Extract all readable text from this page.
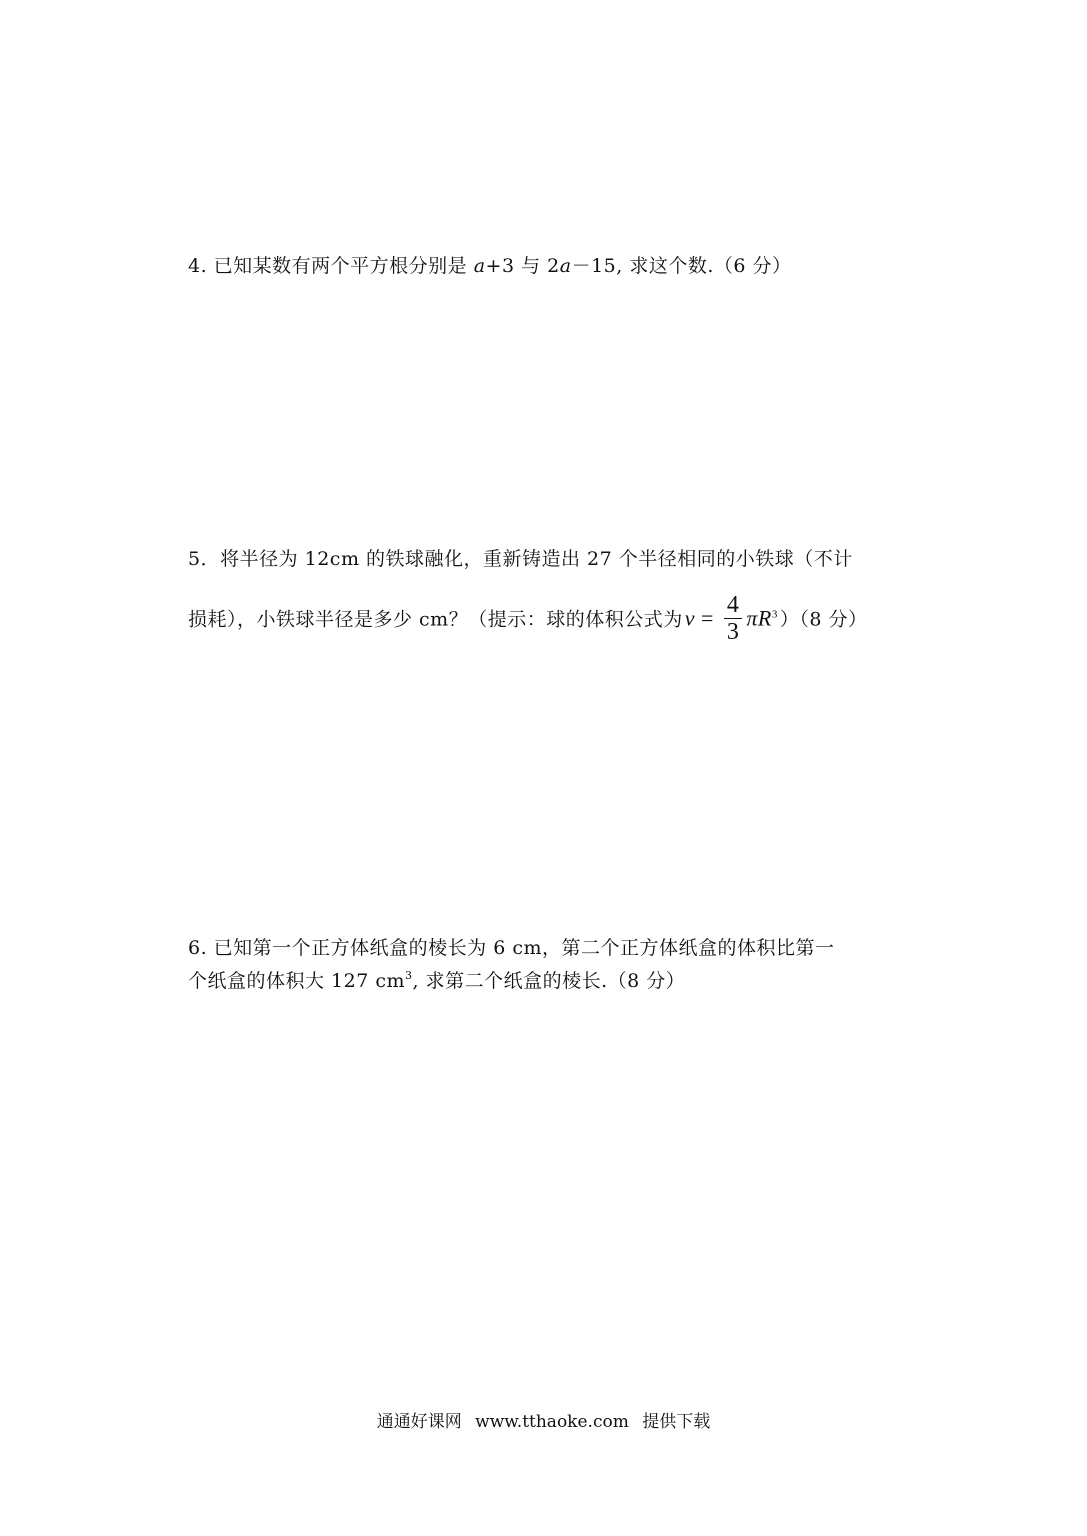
4. 已知某数有两个平方根分别是 a+3 与 2a－15, 求这个数.（6 分）
5．将半径为 12cm 的铁球融化，重新铸造出 27 个半径相同的小铁球（不计
损耗），小铁球半径是多少 cm？（提示：球的体积公式为$v = \frac{4}{3} \pi R^3$ ）（8 分）
6. 已知第一个正方体纸盒的棱长为 6 cm，第二个正方体纸盒的体积比第一
个纸盒的体积大 127 $cm^3$, 求第二个纸盒的棱长.（8 分）
通通好课网 www.tthaoke.com 提供下载
